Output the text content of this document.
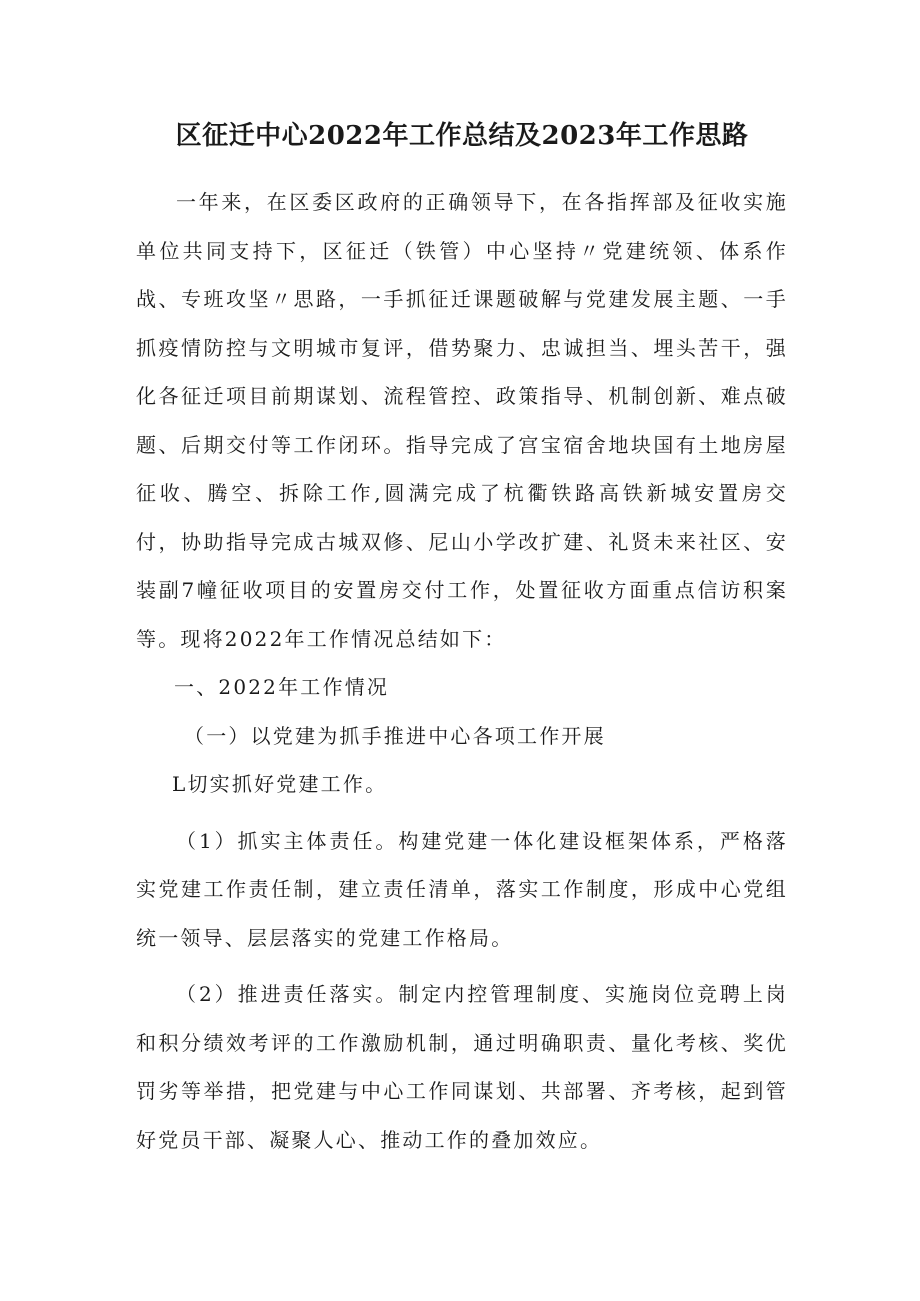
区征迁中心2022年工作总结及2023年工作思路

一年来，在区委区政府的正确领导下，在各指挥部及征收实施单位共同支持下，区征迁（铁管）中心坚持〃党建统领、体系作战、专班攻坚〃思路，一手抓征迁课题破解与党建发展主题、一手抓疫情防控与文明城市复评，借势聚力、忠诚担当、埋头苦干，强化各征迁项目前期谋划、流程管控、政策指导、机制创新、难点破题、后期交付等工作闭环。指导完成了宫宝宿舍地块国有土地房屋征收、腾空、拆除工作,圆满完成了杭衢铁路高铁新城安置房交付，协助指导完成古城双修、尼山小学改扩建、礼贤未来社区、安装副7幢征收项目的安置房交付工作，处置征收方面重点信访积案等。现将2022年工作情况总结如下：

一、2022年工作情况

（一）以党建为抓手推进中心各项工作开展

L切实抓好党建工作。

（1）抓实主体责任。构建党建一体化建设框架体系，严格落实党建工作责任制，建立责任清单，落实工作制度，形成中心党组统一领导、层层落实的党建工作格局。

（2）推进责任落实。制定内控管理制度、实施岗位竞聘上岗和积分绩效考评的工作激励机制，通过明确职责、量化考核、奖优罚劣等举措，把党建与中心工作同谋划、共部署、齐考核，起到管好党员干部、凝聚人心、推动工作的叠加效应。
